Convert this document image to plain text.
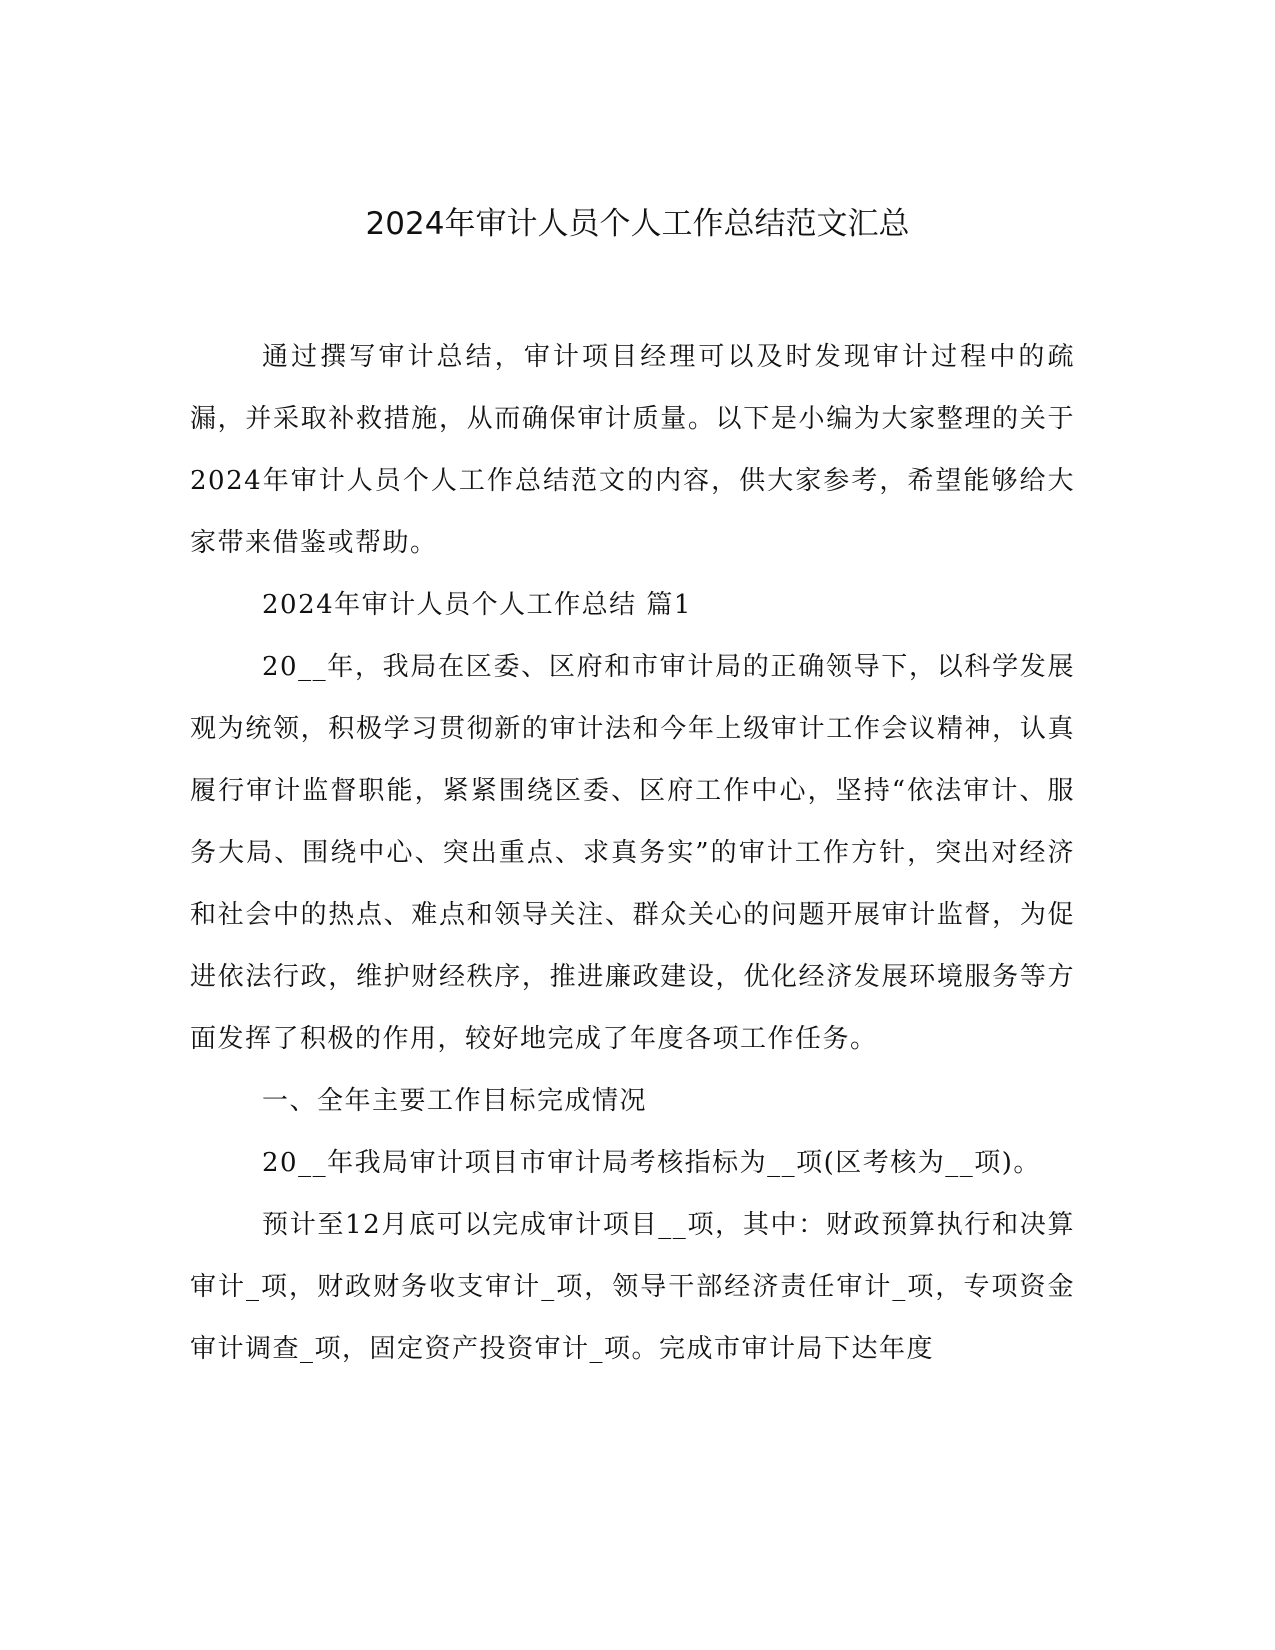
2024年审计人员个人工作总结范文汇总

通过撰写审计总结，审计项目经理可以及时发现审计过程中的疏漏，并采取补救措施，从而确保审计质量。以下是小编为大家整理的关于2024年审计人员个人工作总结范文的内容，供大家参考，希望能够给大家带来借鉴或帮助。

2024年审计人员个人工作总结 篇1

20__年，我局在区委、区府和市审计局的正确领导下，以科学发展观为统领，积极学习贯彻新的审计法和今年上级审计工作会议精神，认真履行审计监督职能，紧紧围绕区委、区府工作中心，坚持“依法审计、服务大局、围绕中心、突出重点、求真务实”的审计工作方针，突出对经济和社会中的热点、难点和领导关注、群众关心的问题开展审计监督，为促进依法行政，维护财经秩序，推进廉政建设，优化经济发展环境服务等方面发挥了积极的作用，较好地完成了年度各项工作任务。

一、全年主要工作目标完成情况

20__年我局审计项目市审计局考核指标为__项(区考核为__项)。

预计至12月底可以完成审计项目__项，其中：财政预算执行和决算审计_项，财政财务收支审计_项，领导干部经济责任审计_项，专项资金审计调查_项，固定资产投资审计_项。完成市审计局下达年度
